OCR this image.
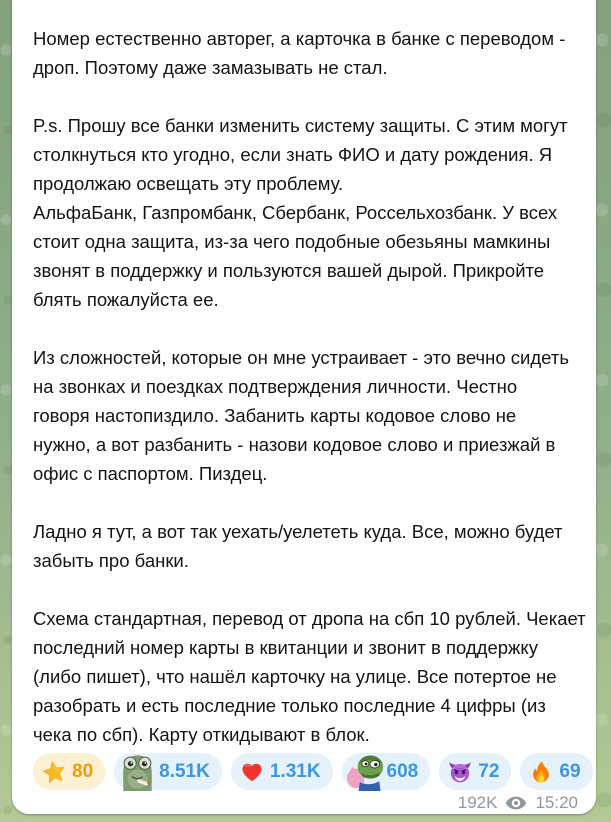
Номер естественно авторег, а карточка в банке с переводом -
дроп. Поэтому даже замазывать не стал.
P.s. Прошу все банки изменить систему защиты. С этим могут
столкнуться кто угодно, если знать ФИО и дату рождения. Я
продолжаю освещать эту проблему.
АльфаБанк, Газпромбанк, Сбербанк, Россельхозбанк. У всех
стоит одна защита, из-за чего подобные обезьяны мамкины
звонят в поддержку и пользуются вашей дырой. Прикройте
блять пожалуйста ее.
Из сложностей, которые он мне устраивает - это вечно сидеть
на звонках и поездках подтверждения личности. Честно
говоря настопиздило. Забанить карты кодовое слово не
нужно, а вот разбанить - назови кодовое слово и приезжай в
офис с паспортом. Пиздец.
Ладно я тут, а вот так уехать/уелететь куда. Все, можно будет
забыть про банки.
Схема стандартная, перевод от дропа на сбп 10 рублей. Чекает
последний номер карты в квитанции и звонит в поддержку
(либо пишет), что нашёл карточку на улице. Все потертое не
разобрать и есть последние только последние 4 цифры (из
чека по сбп). Карту откидывают в блок.
80	8.51K	1.31K	608	72	69
192K 15:20
